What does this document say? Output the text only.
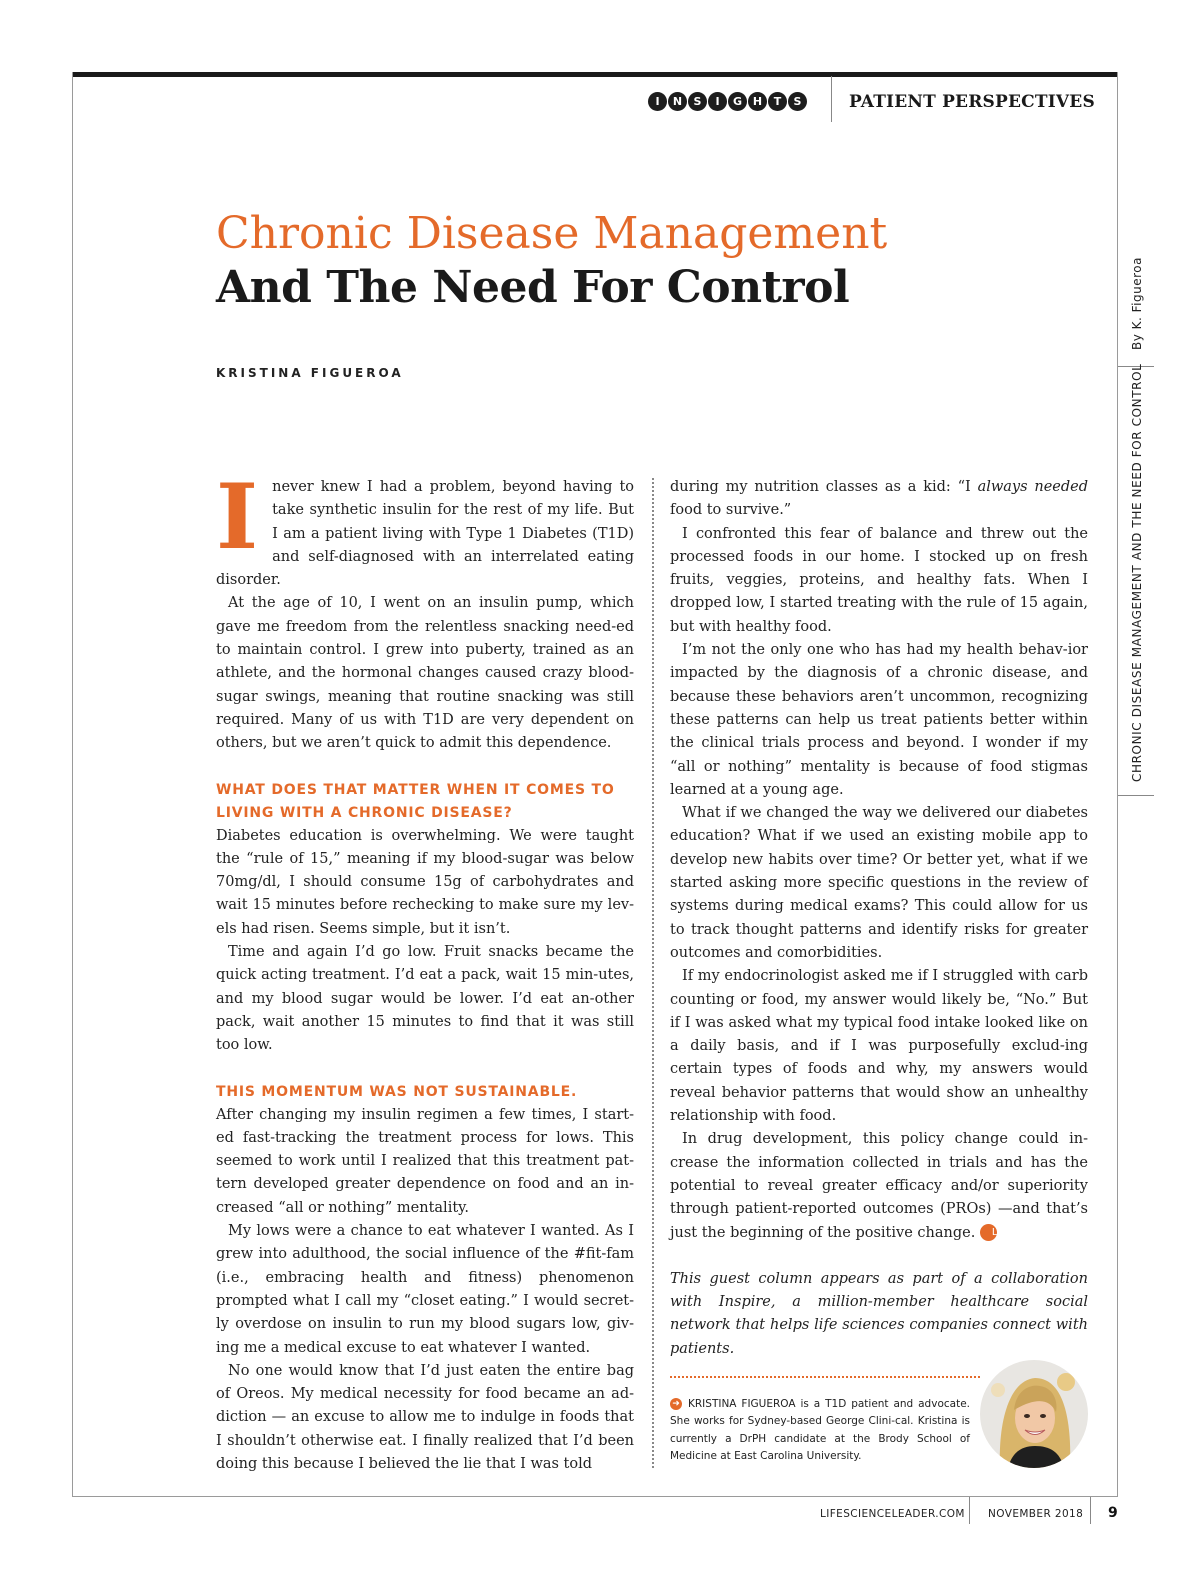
I	N	S	I	G H	T	S	PATIENT PERSPECTIVES
Chronic Disease Management
And The Need For Control
KRISTINA FIGUEROA

Inever knew I had a problem, beyond having to take synthetic insulin for the rest of my life. But I am a patient living with Type 1 Diabetes (T1D) and self-diagnosed with an interrelated eating disorder.

At the age of 10, I went on an insulin pump, which gave me freedom from the relentless snacking need-ed to maintain control. I grew into puberty, trained as an athlete, and the hormonal changes caused crazy blood-sugar swings, meaning that routine snacking was still required. Many of us with T1D are very dependent on others, but we aren’t quick to admit this dependence.

WHAT DOES THAT MATTER WHEN IT COMES TO LIVING WITH A CHRONIC DISEASE?

Diabetes education is overwhelming. We were taught the “rule of 15,” meaning if my blood-sugar was below 70mg/dl, I should consume 15g of carbohydrates and wait 15 minutes before rechecking to make sure my lev-els had risen. Seems simple, but it isn’t.

Time and again I’d go low. Fruit snacks became the quick acting treatment. I’d eat a pack, wait 15 min-utes, and my blood sugar would be lower. I’d eat an-other pack, wait another 15 minutes to find that it was still too low.

THIS MOMENTUM WAS NOT SUSTAINABLE.

After changing my insulin regimen a few times, I start-ed fast-tracking the treatment process for lows. This seemed to work until I realized that this treatment pat-tern developed greater dependence on food and an in-creased “all or nothing” mentality.

My lows were a chance to eat whatever I wanted. As I grew into adulthood, the social influence of the #fit-fam (i.e., embracing health and fitness) phenomenon prompted what I call my “closet eating.” I would secret-ly overdose on insulin to run my blood sugars low, giv-ing me a medical excuse to eat whatever I wanted.

No one would know that I’d just eaten the entire bag of Oreos. My medical necessity for food became an ad-diction — an excuse to allow me to indulge in foods that I shouldn’t otherwise eat. I finally realized that I’d been doing this because I believed the lie that I was told

during my nutrition classes as a kid: “I always needed food to survive.”

I confronted this fear of balance and threw out the processed foods in our home. I stocked up on fresh fruits, veggies, proteins, and healthy fats. When I dropped low, I started treating with the rule of 15 again, but with healthy food.

I’m not the only one who has had my health behav-ior impacted by the diagnosis of a chronic disease, and because these behaviors aren’t uncommon, recognizing these patterns can help us treat patients better within the clinical trials process and beyond. I wonder if my “all or nothing” mentality is because of food stigmas learned at a young age.

What if we changed the way we delivered our diabetes education? What if we used an existing mobile app to develop new habits over time? Or better yet, what if we started asking more specific questions in the review of systems during medical exams? This could allow for us to track thought patterns and identify risks for greater outcomes and comorbidities.

If my endocrinologist asked me if I struggled with carb counting or food, my answer would likely be, “No.” But if I was asked what my typical food intake looked like on a daily basis, and if I was purposefully exclud-ing certain types of foods and why, my answers would reveal behavior patterns that would show an unhealthy relationship with food.

In drug development, this policy change could in-crease the information collected in trials and has the potential to reveal greater efficacy and/or superiority through patient-reported outcomes (PROs) —and that’s just the beginning of the positive change. L

This guest column appears as part of a collaboration with Inspire, a million-member healthcare social network that helps life sciences companies connect with patients.

➜ KRISTINA FIGUEROA is a T1D patient and advocate. She works for Sydney-based George Clini-cal. Kristina is currently a DrPH candidate at the Brody School of Medicine at East Carolina University.
By K. Figueroa
CHRONIC DISEASE MANAGEMENT AND THE NEED FOR CONTROL
LIFESCIENCELEADER.COM NOVEMBER 2018 9
